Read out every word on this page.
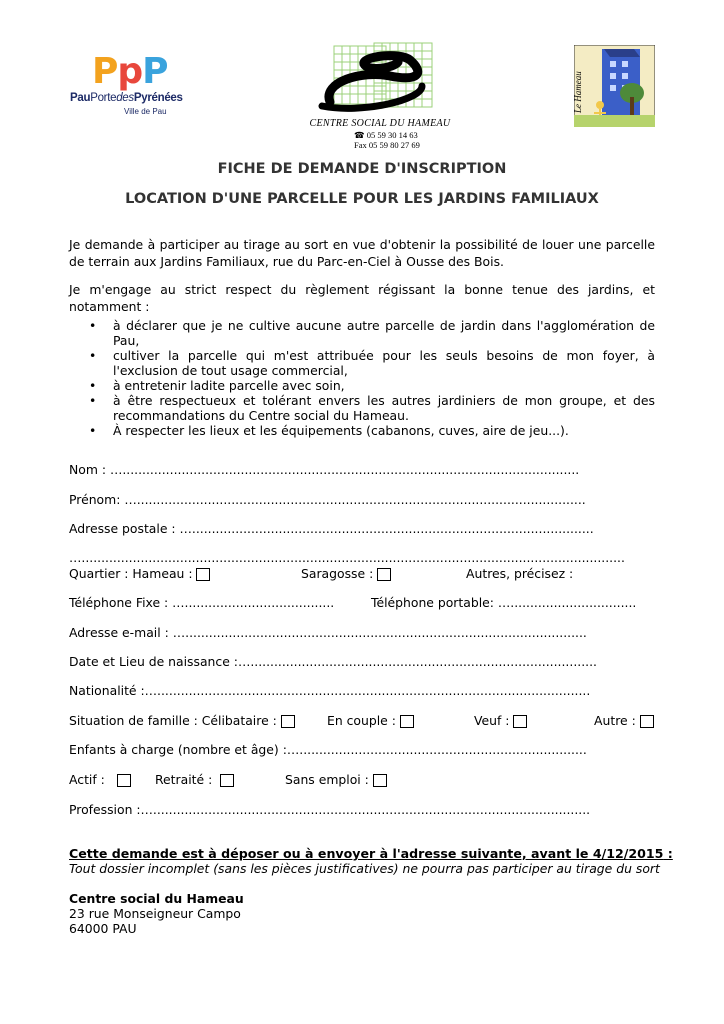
PpP
PauPortedesPyrénées
Ville de Pau
CENTRE SOCIAL DU HAMEAU
☎ 05 59 30 14 63
Fax 05 59 80 27 69
Le Hameau
FICHE DE DEMANDE D'INSCRIPTION
LOCATION D'UNE PARCELLE POUR LES JARDINS FAMILIAUX
Je demande à participer au tirage au sort en vue d'obtenir la possibilité de louer une parcelle de terrain aux Jardins Familiaux, rue du Parc-en-Ciel à Ousse des Bois.
Je m'engage au strict respect du règlement régissant la bonne tenue des jardins, et notamment :
• à déclarer que je ne cultive aucune autre parcelle de jardin dans l'agglomération de Pau,
• cultiver la parcelle qui m'est attribuée pour les seuls besoins de mon foyer, à l'exclusion de tout usage commercial,
• à entretenir ladite parcelle avec soin,
• à être respectueux et tolérant envers les autres jardiniers de mon groupe, et des recommandations du Centre social du Hameau.
• À respecter les lieux et les équipements (cabanons, cuves, aire de jeu...).
Nom : …....................................................................................................................
Prénom: …..................................................................................................................
Adresse postale : …......................................................................................................
…..........................................................................................................................................
Quartier : Hameau :	Saragosse :	Autres, précisez :
Téléphone Fixe : …......................................	Téléphone portable: …................................
Adresse e-mail : …......................................................................................................
Date et Lieu de naissance :…........................................................................................
Nationalité :…..............................................................................................................
Situation de famille : Célibataire :	En couple :	Veuf :	Autre :
Enfants à charge (nombre et âge) :….........................................................................
Actif :	Retraité :	Sans emploi :
Profession :…...............................................................................................................
Cette demande est à déposer ou à envoyer à l'adresse suivante, avant le 4/12/2015 :
Tout dossier incomplet (sans les pièces justificatives) ne pourra pas participer au tirage du sort
Centre social du Hameau
23 rue Monseigneur Campo
64000 PAU
